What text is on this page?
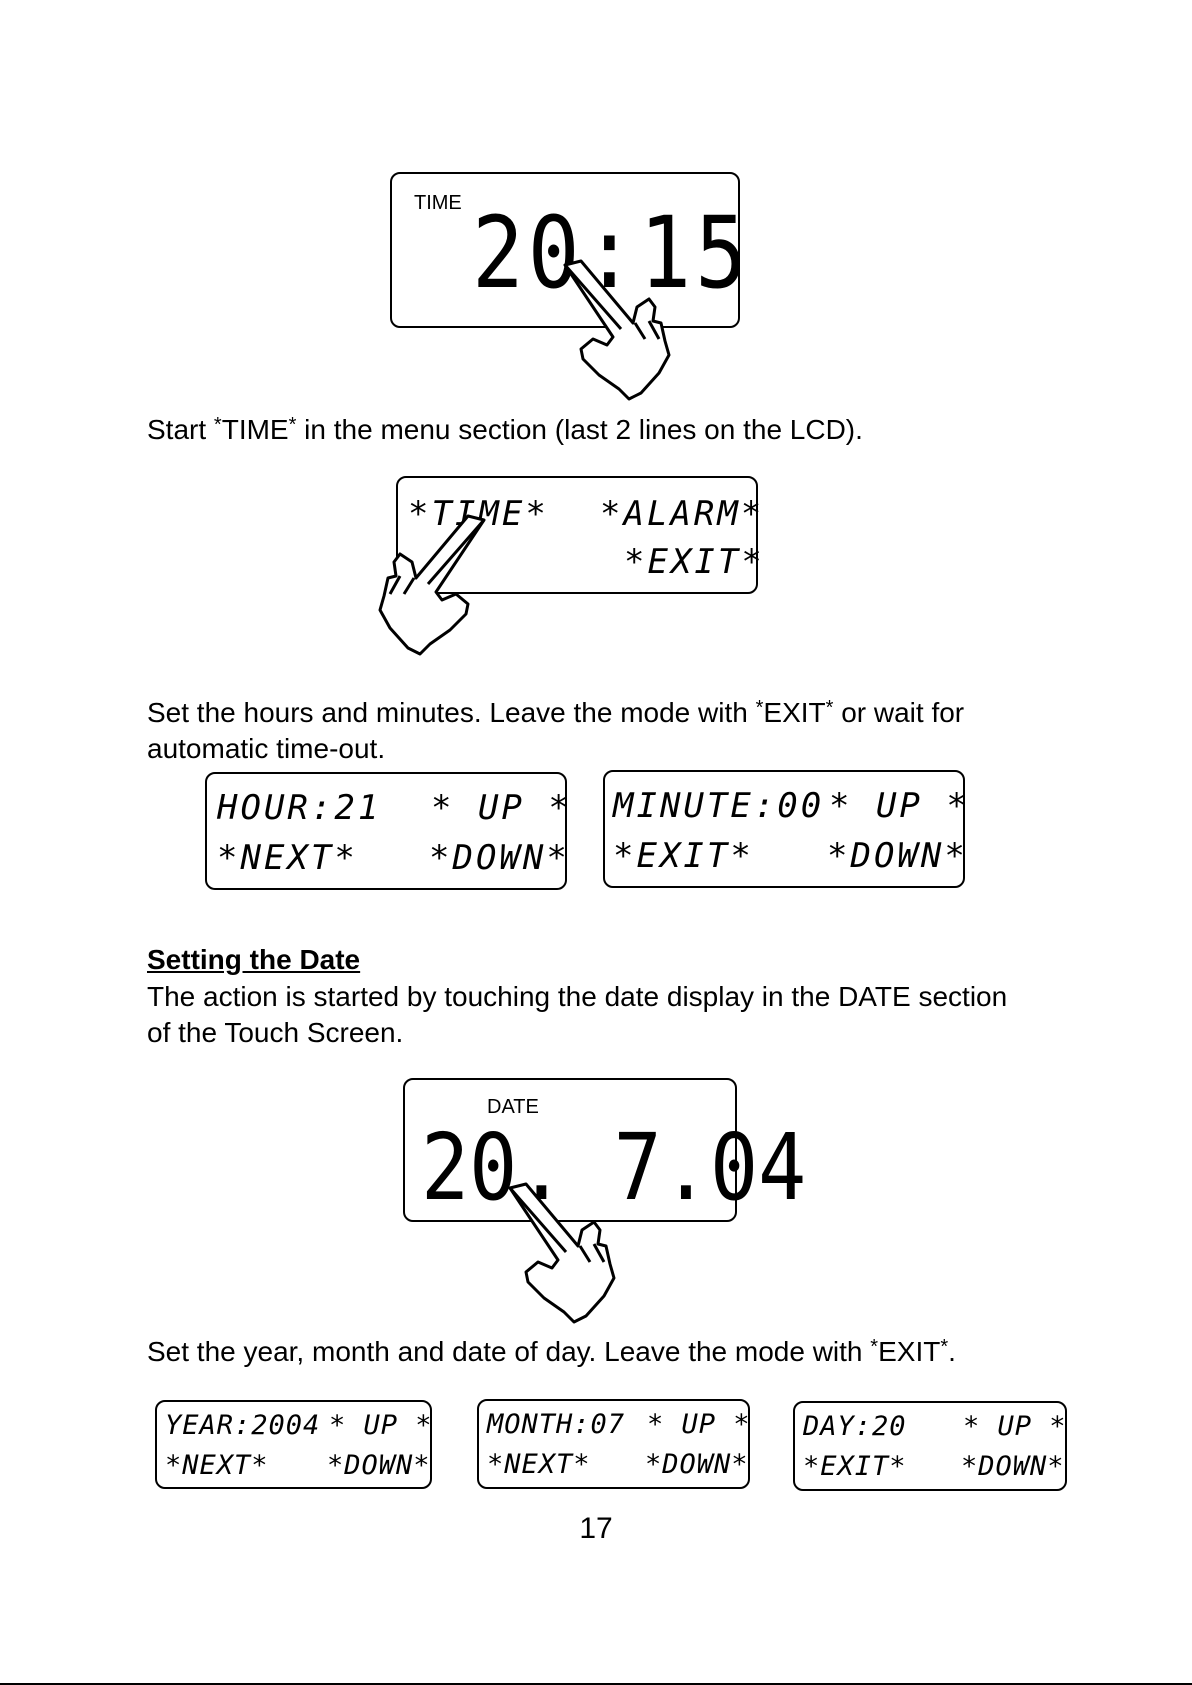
TIME 20:15

Start *TIME* in the menu section (last 2 lines on the LCD).

*TIME* *ALARM*
*EXIT*

Set the hours and minutes. Leave the mode with *EXIT* or wait for

automatic time-out.

HOUR:21 * UP *
*NEXT* *DOWN*
MINUTE:00 * UP *
*EXIT* *DOWN*

Setting the Date

The action is started by touching the date display in the DATE section

of the Touch Screen.

DATE
20. 7.04

Set the year, month and date of day. Leave the mode with *EXIT*.

YEAR:2004 * UP *
*NEXT* *DOWN*
MONTH:07 * UP *
*NEXT* *DOWN*
DAY:20 * UP *
*EXIT* *DOWN*
17
